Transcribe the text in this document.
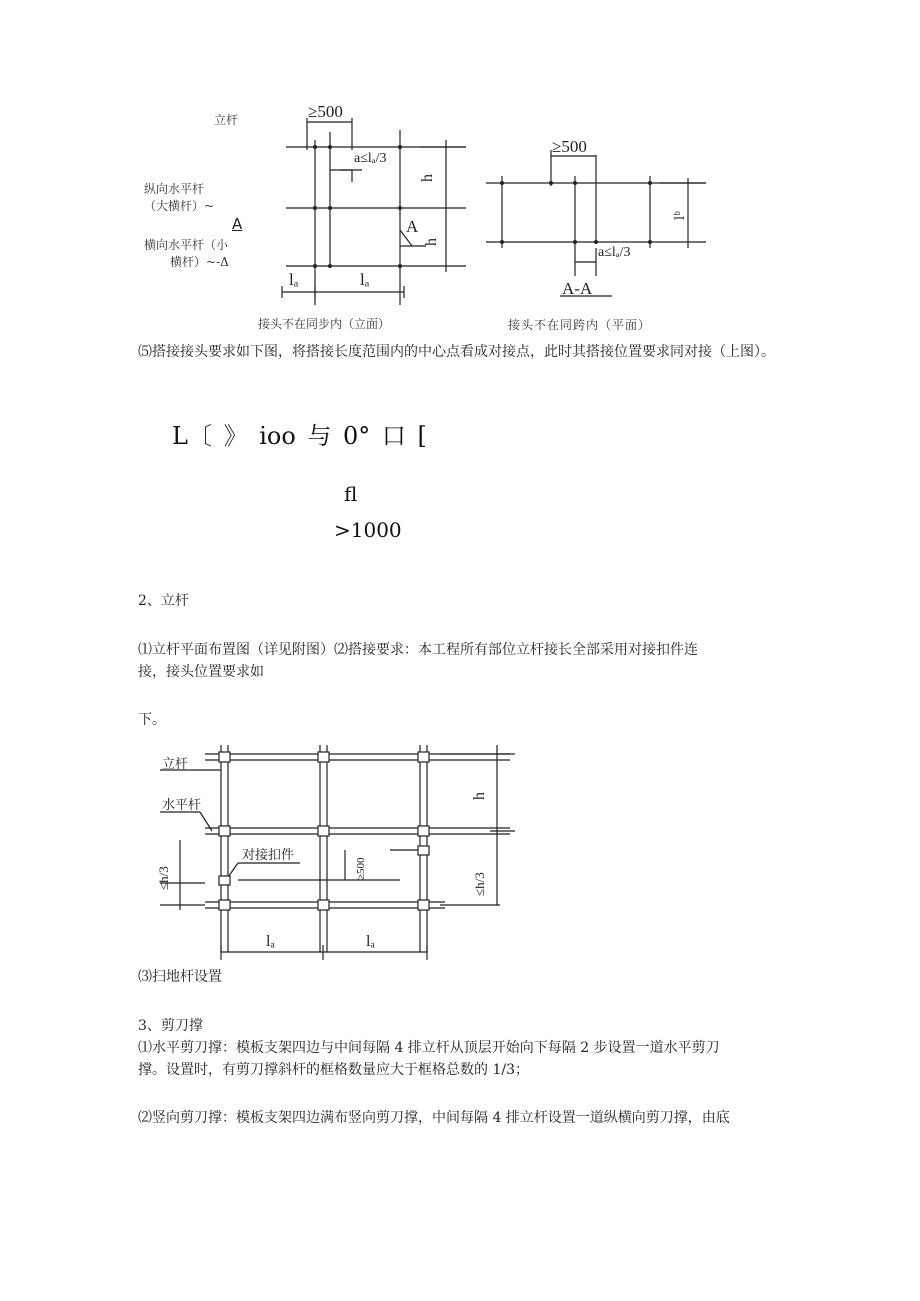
立杆
纵向水平杆
（大横杆）~
A
横向水平杆（小
横杆）~-Δ
≥500
a≤lₐ/3
h
h
A
lₐ	lₐ
≥500
lᵇ
a≤lₐ/3
A-A
接头不在同步内（立面）	接头不在同跨内（平面）
⑸搭接接头要求如下图，将搭接长度范围内的中心点看成对接点，此时其搭接位置要求同对接（上图）。
L〔 》 ioo 与 0° 口 [
fl
>1000
2、立杆
⑴立杆平面布置图（详见附图）⑵搭接要求：本工程所有部位立杆接长全部采用对接扣件连
接，接头位置要求如
下。
立杆
水平杆
对接扣件
≥500
h
≤h/3	≤h/3
lₐ	lₐ
⑶扫地杆设置
3、剪刀撑
⑴水平剪刀撑：模板支架四边与中间每隔 4 排立杆从顶层开始向下每隔 2 步设置一道水平剪刀
撑。设置时，有剪刀撑斜杆的框格数量应大于框格总数的 1/3；
⑵竖向剪刀撑：模板支架四边满布竖向剪刀撑，中间每隔 4 排立杆设置一道纵横向剪刀撑，由底
